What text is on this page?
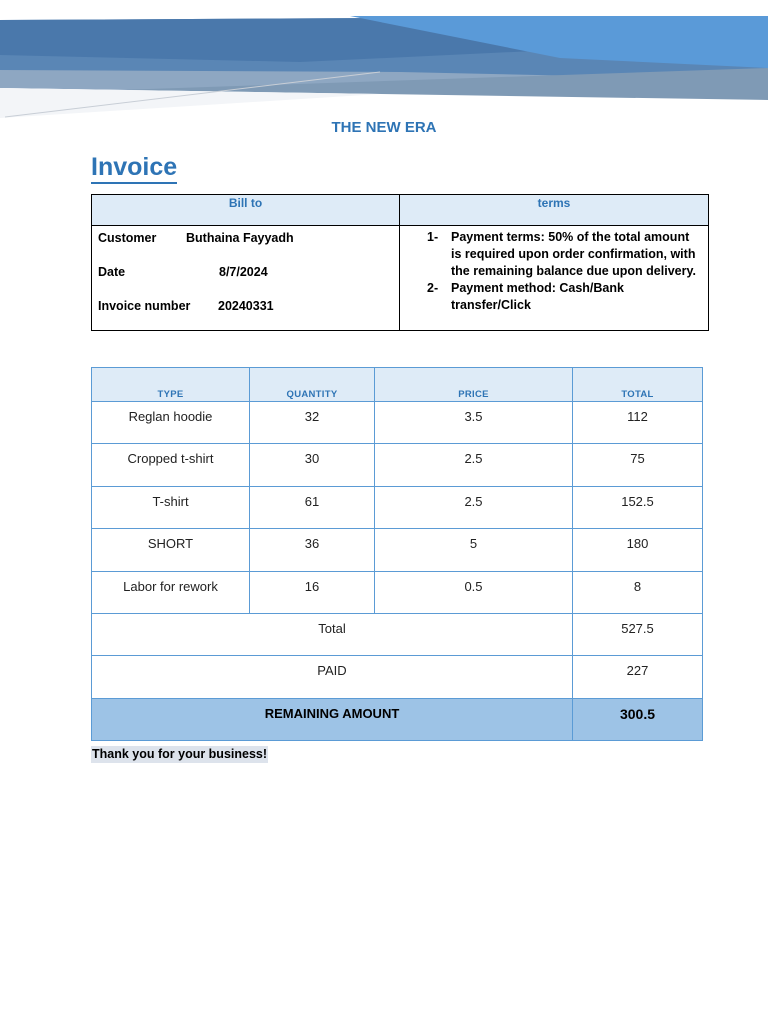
THE NEW ERA
Invoice
Bill to	terms
Customer Buthaina Fayyadh
Date	8/7/2024
Invoice number 20240331
1- Payment terms: 50% of the total amount is required upon order confirmation, with the remaining balance due upon delivery.
2- Payment method: Cash/Bank transfer/Click
TYPE	QUANTITY	PRICE	TOTAL
Reglan hoodie	32	3.5	112
Cropped t-shirt	30	2.5	75
T-shirt	61	2.5	152.5
SHORT	36	5	180
Labor for rework	16	0.5	8
Total			527.5
PAID			227
REMAINING AMOUNT			300.5
Thank you for your business!
